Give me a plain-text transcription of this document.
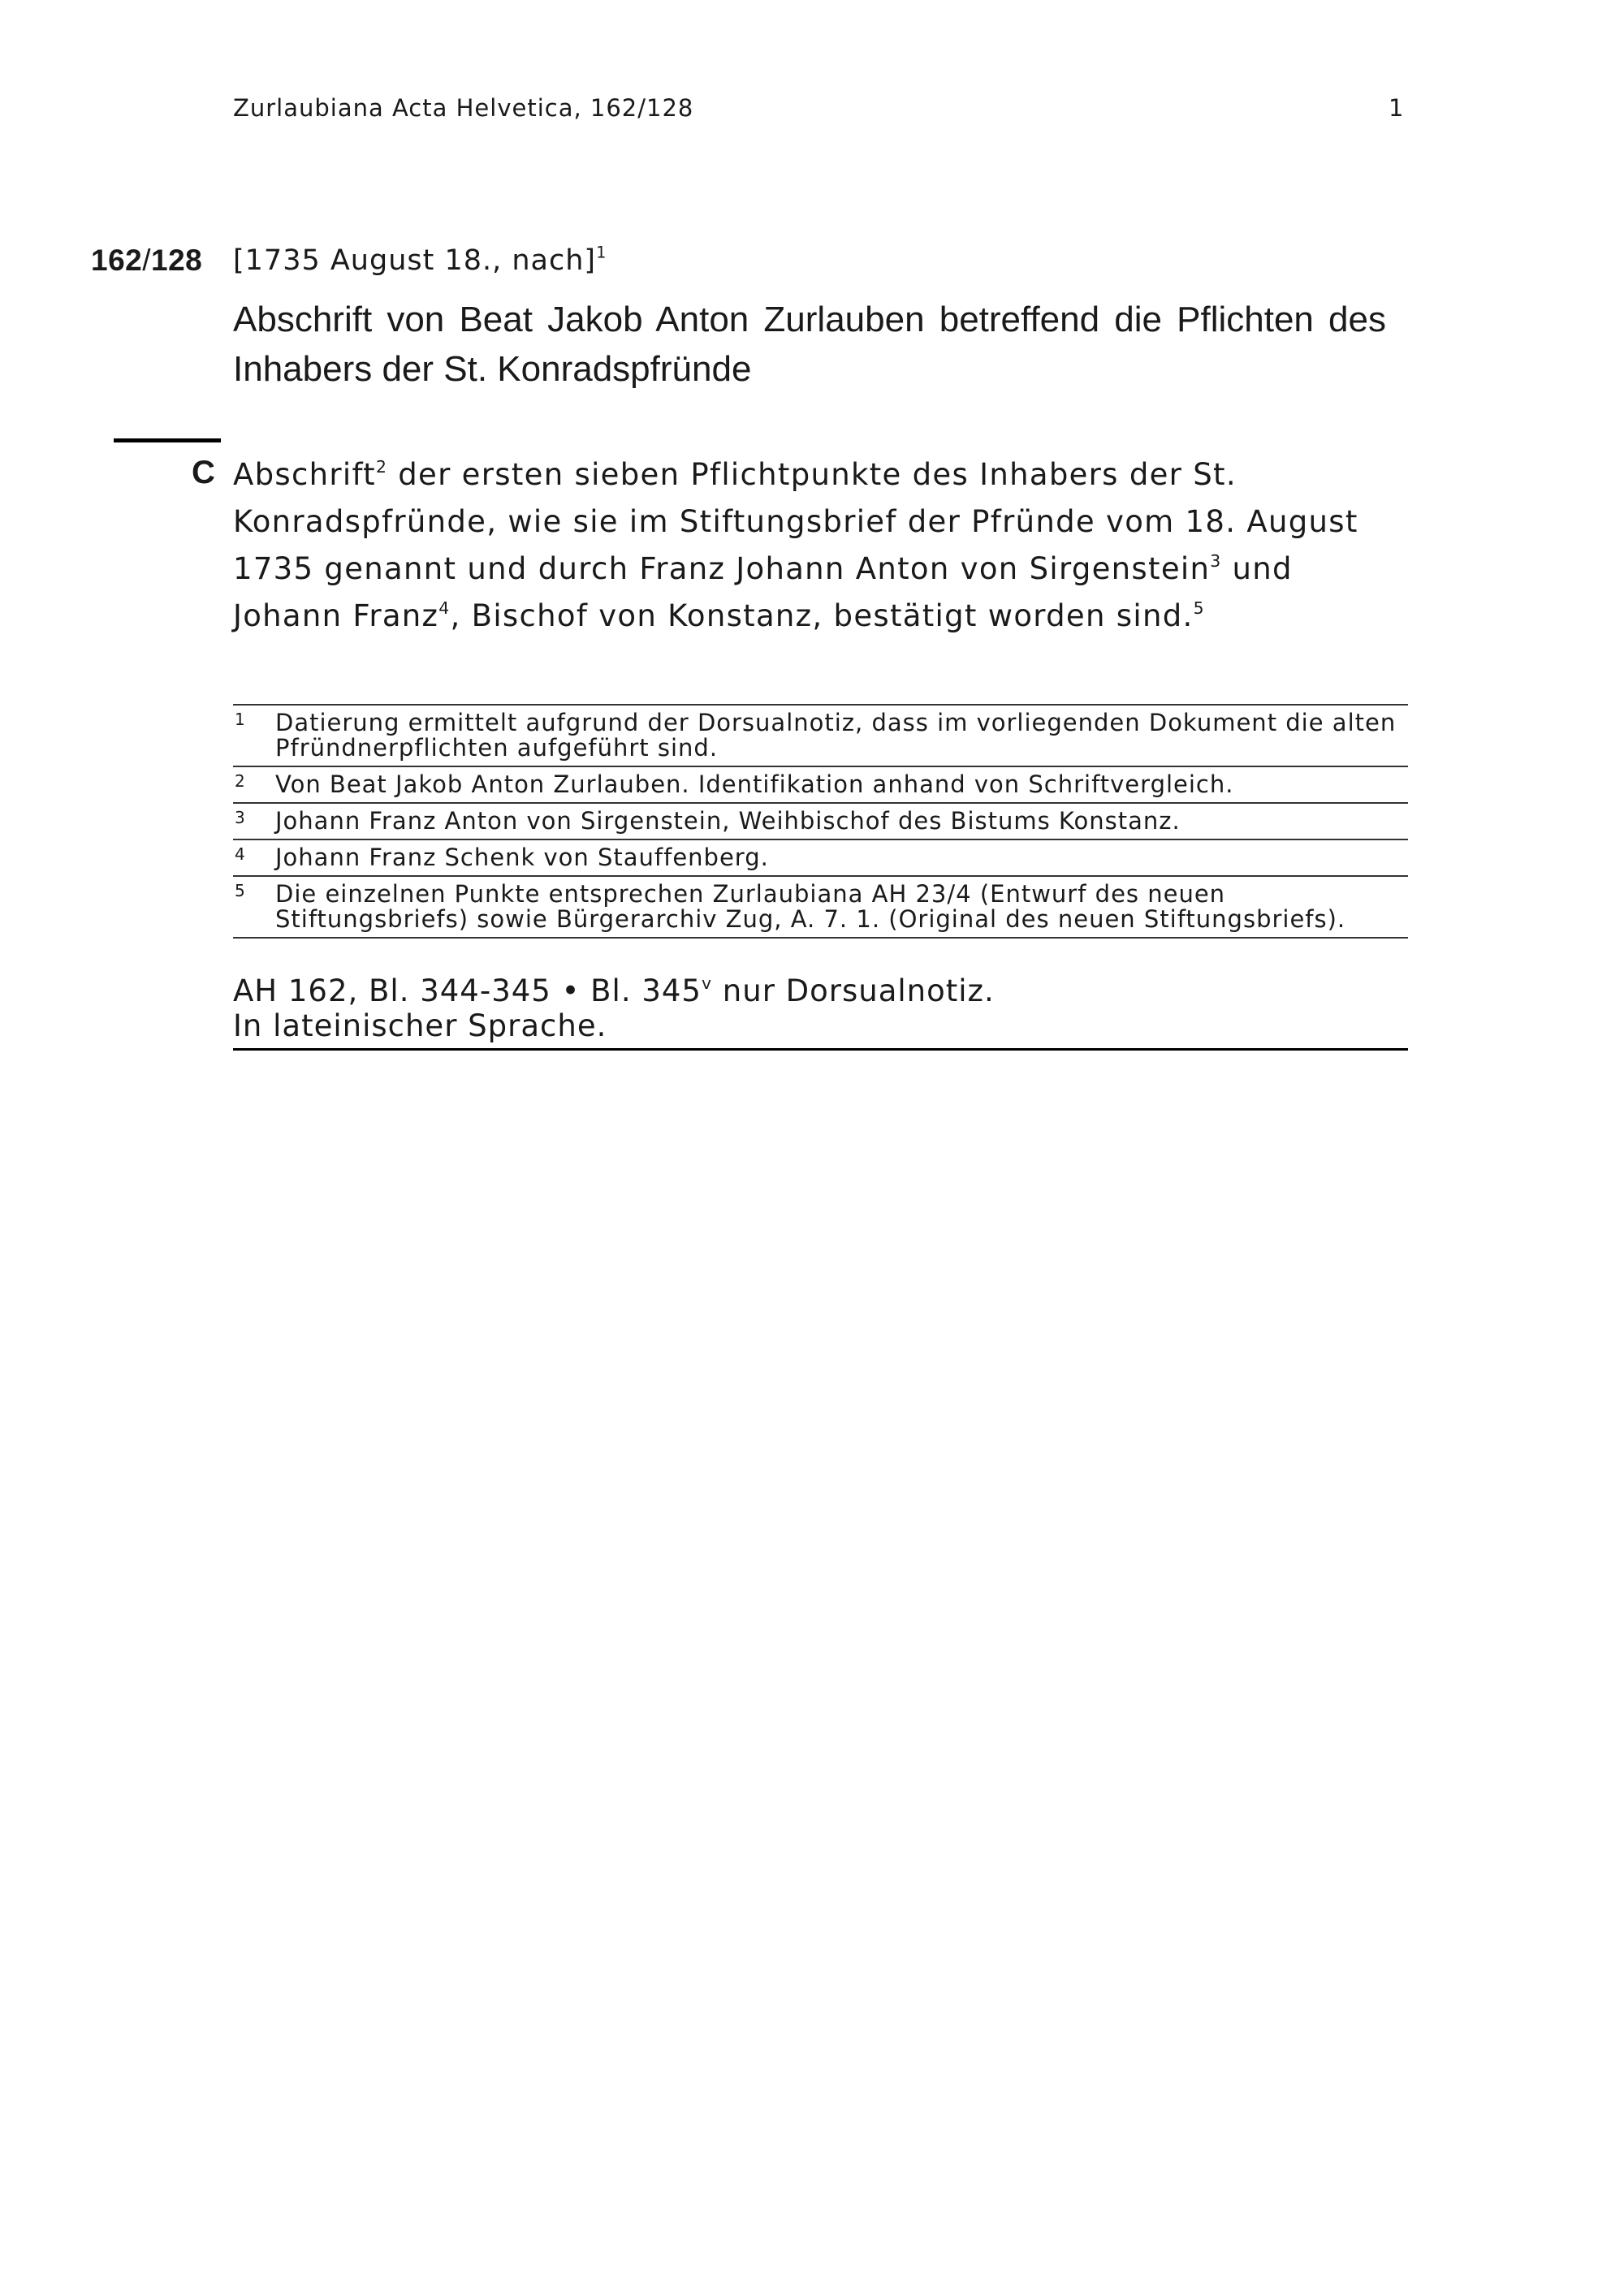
Zurlaubiana Acta Helvetica, 162/128	1
162/128 [1735 August 18., nach]$^1$
Abschrift von Beat Jakob Anton Zurlauben betreffend die Pflichten des Inhabers der St. Konradspfründe
C Abschrift$^2$ der ersten sieben Pflichtpunkte des Inhabers der St. Konradspfründe, wie sie im Stiftungsbrief der Pfründe vom 18. August 1735 genannt und durch Franz Johann Anton von Sirgenstein$^3$ und Johann Franz$^4$, Bischof von Konstanz, bestätigt worden sind.$^5$
1	Datierung ermittelt aufgrund der Dorsualnotiz, dass im vorliegenden Dokument die alten Pfründnerpflichten aufgeführt sind.
2	Von Beat Jakob Anton Zurlauben. Identifikation anhand von Schriftvergleich.
3	Johann Franz Anton von Sirgenstein, Weihbischof des Bistums Konstanz.
4	Johann Franz Schenk von Stauffenberg.
5	Die einzelnen Punkte entsprechen Zurlaubiana AH 23/4 (Entwurf des neuen Stiftungsbriefs) sowie Bürgerarchiv Zug, A. 7. 1. (Original des neuen Stiftungsbriefs).
AH 162, Bl. 344-345 • Bl. 345$^v$ nur Dorsualnotiz.
In lateinischer Sprache.
